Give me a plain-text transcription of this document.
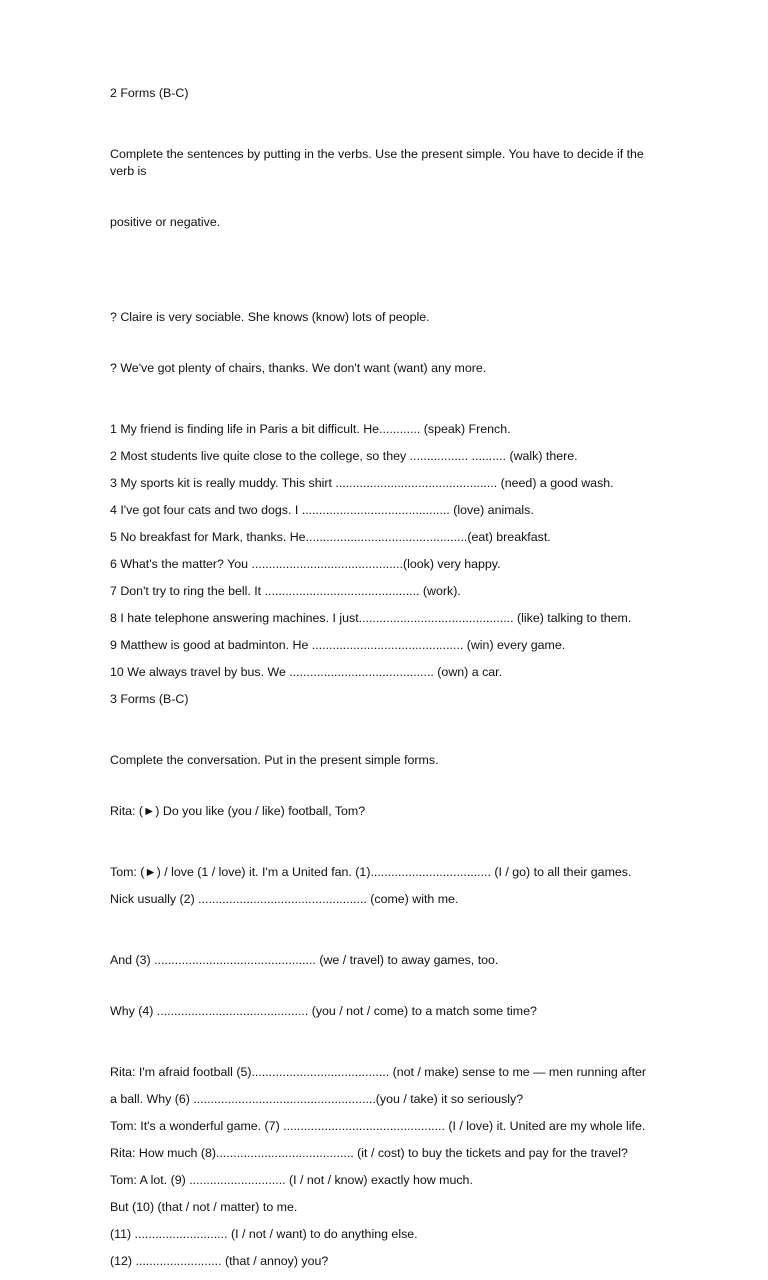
2 Forms (B-C)

Complete the sentences by putting in the verbs. Use the present simple. You have to decide if the verb is

positive or negative.

? Claire is very sociable. She knows (know) lots of people.

? We've got plenty of chairs, thanks. We don't want (want) any more.

1 My friend is finding life in Paris a bit difficult. He............ (speak) French.

2 Most students live quite close to the college, so they ................. .......... (walk) there.

3 My sports kit is really muddy. This shirt ............................................... (need) a good wash.

4 I've got four cats and two dogs. I ........................................... (love) animals.

5 No breakfast for Mark, thanks. He...............................................(eat) breakfast.

6 What's the matter? You ............................................(look) very happy.

7 Don't try to ring the bell. It ............................................. (work).

8 I hate telephone answering machines. I just............................................. (like) talking to them.

9 Matthew is good at badminton. He ............................................ (win) every game.

10 We always travel by bus. We .......................................... (own) a car.

3 Forms (B-C)

Complete the conversation. Put in the present simple forms.

Rita: (►) Do you like (you / like) football, Tom?

Tom: (►) / love (1 / love) it. I'm a United fan. (1)................................... (I / go) to all their games.

Nick usually (2) ................................................. (come) with me.

And (3) ............................................... (we / travel) to away games, too.

Why (4) ............................................ (you / not / come) to a match some time?

Rita: I'm afraid football (5)........................................ (not / make) sense to me — men running after

a ball. Why (6) .....................................................(you / take) it so seriously?

Tom: It's a wonderful game. (7) ............................................... (I / love) it. United are my whole life.

Rita: How much (8)........................................ (it / cost) to buy the tickets and pay for the travel?

Tom: A lot. (9) ............................ (I / not / know) exactly how much.

But (10) (that / not / matter) to me.

(11) ........................... (I / not / want) to do anything else.

(12) ......................... (that / annoy) you?
